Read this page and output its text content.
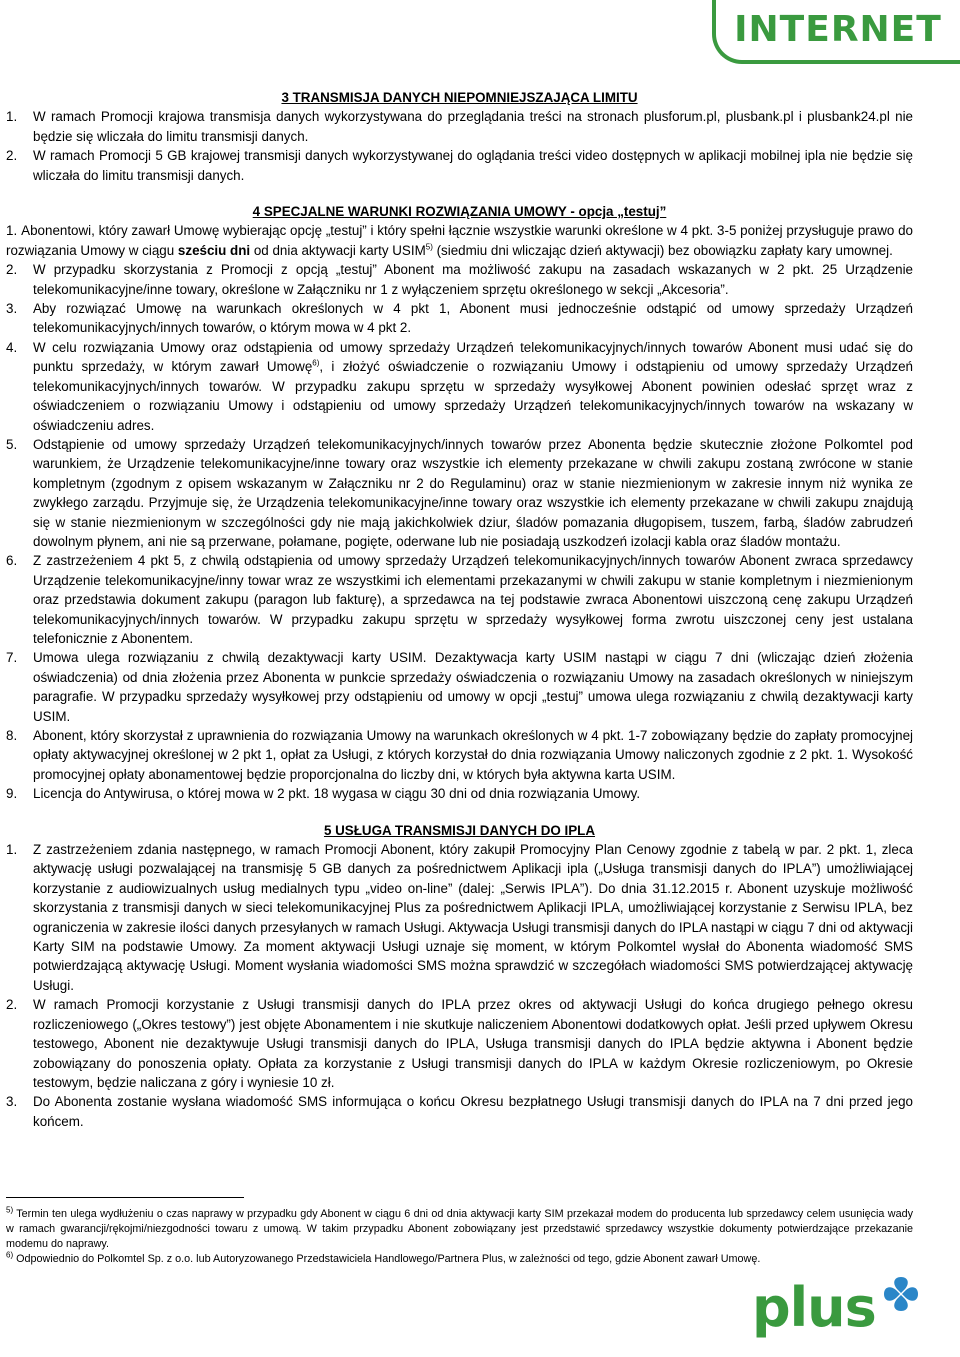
INTERNET

3 TRANSMISJA DANYCH NIEPOMNIEJSZAJĄCA LIMITU

1.	W ramach Promocji krajowa transmisja danych wykorzystywana do przeglądania treści na stronach plusforum.pl, plusbank.pl i plusbank24.pl nie będzie się wliczała do limitu transmisji danych.
2.	W ramach Promocji 5 GB krajowej transmisji danych wykorzystywanej do oglądania treści video dostępnych w aplikacji mobilnej ipla nie będzie się wliczała do limitu transmisji danych.

4 SPECJALNE WARUNKI ROZWIĄZANIA UMOWY - opcja „testuj”

1. Abonentowi, który zawarł Umowę wybierając opcję „testuj” i który spełni łącznie wszystkie warunki określone w 4 pkt. 3-5 poniżej przysługuje prawo do rozwiązania Umowy w ciągu sześciu dni od dnia aktywacji karty USIM$^{5)}$ (siedmiu dni wliczając dzień aktywacji) bez obowiązku zapłaty kary umownej.
2.	W przypadku skorzystania z Promocji z opcją „testuj” Abonent ma możliwość zakupu na zasadach wskazanych w 2 pkt. 25 Urządzenie telekomunikacyjne/inne towary, określone w Załączniku nr 1 z wyłączeniem sprzętu określonego w sekcji „Akcesoria”.
3.	Aby rozwiązać Umowę na warunkach określonych w 4 pkt 1, Abonent musi jednocześnie odstąpić od umowy sprzedaży Urządzeń telekomunikacyjnych/innych towarów, o którym mowa w 4 pkt 2.
4.	W celu rozwiązania Umowy oraz odstąpienia od umowy sprzedaży Urządzeń telekomunikacyjnych/innych towarów Abonent musi udać się do punktu sprzedaży, w którym zawarł Umowę$^{6)}$, i złożyć oświadczenie o rozwiązaniu Umowy i odstąpieniu od umowy sprzedaży Urządzeń telekomunikacyjnych/innych towarów. W przypadku zakupu sprzętu w sprzedaży wysyłkowej Abonent powinien odesłać sprzęt wraz z oświadczeniem o rozwiązaniu Umowy i odstąpieniu od umowy sprzedaży Urządzeń telekomunikacyjnych/innych towarów na wskazany w oświadczeniu adres.
5.	Odstąpienie od umowy sprzedaży Urządzeń telekomunikacyjnych/innych towarów przez Abonenta będzie skutecznie złożone Polkomtel pod warunkiem, że Urządzenie telekomunikacyjne/inne towary oraz wszystkie ich elementy przekazane w chwili zakupu zostaną zwrócone w stanie kompletnym (zgodnym z opisem wskazanym w Załączniku nr 2 do Regulaminu) oraz w stanie niezmienionym w zakresie innym niż wynika ze zwykłego zarządu. Przyjmuje się, że Urządzenia telekomunikacyjne/inne towary oraz wszystkie ich elementy przekazane w chwili zakupu znajdują się w stanie niezmienionym w szczególności gdy nie mają jakichkolwiek dziur, śladów pomazania długopisem, tuszem, farbą, śladów zabrudzeń dowolnym płynem, ani nie są przerwane, połamane, pogięte, oderwane lub nie posiadają uszkodzeń izolacji kabla oraz śladów montażu.
6.	Z zastrzeżeniem 4 pkt 5, z chwilą odstąpienia od umowy sprzedaży Urządzeń telekomunikacyjnych/innych towarów Abonent zwraca sprzedawcy Urządzenie telekomunikacyjne/inny towar wraz ze wszystkimi ich elementami przekazanymi w chwili zakupu w stanie kompletnym i niezmienionym oraz przedstawia dokument zakupu (paragon lub fakturę), a sprzedawca na tej podstawie zwraca Abonentowi uiszczoną cenę zakupu Urządzeń telekomunikacyjnych/innych towarów. W przypadku zakupu sprzętu w sprzedaży wysyłkowej forma zwrotu uiszczonej ceny jest ustalana telefonicznie z Abonentem.
7.	Umowa ulega rozwiązaniu z chwilą dezaktywacji karty USIM. Dezaktywacja karty USIM nastąpi w ciągu 7 dni (wliczając dzień złożenia oświadczenia) od dnia złożenia przez Abonenta w punkcie sprzedaży oświadczenia o rozwiązaniu Umowy na zasadach określonych w niniejszym paragrafie. W przypadku sprzedaży wysyłkowej przy odstąpieniu od umowy w opcji „testuj” umowa ulega rozwiązaniu z chwilą dezaktywacji karty USIM.
8.	Abonent, który skorzystał z uprawnienia do rozwiązania Umowy na warunkach określonych w 4 pkt. 1-7 zobowiązany będzie do zapłaty promocyjnej opłaty aktywacyjnej określonej w 2 pkt 1, opłat za Usługi, z których korzystał do dnia rozwiązania Umowy naliczonych zgodnie z 2 pkt. 1. Wysokość promocyjnej opłaty abonamentowej będzie proporcjonalna do liczby dni, w których była aktywna karta USIM.
9.	Licencja do Antywirusa, o której mowa w 2 pkt. 18 wygasa w ciągu 30 dni od dnia rozwiązania Umowy.

5 USŁUGA TRANSMISJI DANYCH DO IPLA

1.	Z zastrzeżeniem zdania następnego, w ramach Promocji Abonent, który zakupił Promocyjny Plan Cenowy zgodnie z tabelą w par. 2 pkt. 1, zleca aktywację usługi pozwalającej na transmisję 5 GB danych za pośrednictwem Aplikacji ipla („Usługa transmisji danych do IPLA”) umożliwiającej korzystanie z audiowizualnych usług medialnych typu „video on-line” (dalej: „Serwis IPLA”). Do dnia 31.12.2015 r. Abonent uzyskuje możliwość skorzystania z transmisji danych w sieci telekomunikacyjnej Plus za pośrednictwem Aplikacji IPLA, umożliwiającej korzystanie z Serwisu IPLA, bez ograniczenia w zakresie ilości danych przesyłanych w ramach Usługi. Aktywacja Usługi transmisji danych do IPLA nastąpi w ciągu 7 dni od aktywacji Karty SIM na podstawie Umowy. Za moment aktywacji Usługi uznaje się moment, w którym Polkomtel wysłał do Abonenta wiadomość SMS potwierdzającą aktywację Usługi. Moment wysłania wiadomości SMS można sprawdzić w szczegółach wiadomości SMS potwierdzającej aktywację Usługi.
2.	W ramach Promocji korzystanie z Usługi transmisji danych do IPLA przez okres od aktywacji Usługi do końca drugiego pełnego okresu rozliczeniowego („Okres testowy”) jest objęte Abonamentem i nie skutkuje naliczeniem Abonentowi dodatkowych opłat. Jeśli przed upływem Okresu testowego, Abonent nie dezaktywuje Usługi transmisji danych do IPLA, Usługa transmisji danych do IPLA będzie aktywna i Abonent będzie zobowiązany do ponoszenia opłaty. Opłata za korzystanie z Usługi transmisji danych do IPLA w każdym Okresie rozliczeniowym, po Okresie testowym, będzie naliczana z góry i wyniesie 10 zł.
3.	Do Abonenta zostanie wysłana wiadomość SMS informująca o końcu Okresu bezpłatnego Usługi transmisji danych do IPLA na 7 dni przed jego końcem.

$^{5)}$ Termin ten ulega wydłużeniu o czas naprawy w przypadku gdy Abonent w ciągu 6 dni od dnia aktywacji karty SIM przekazał modem do producenta lub sprzedawcy celem usunięcia wady w ramach gwarancji/rękojmi/niezgodności towaru z umową. W takim przypadku Abonent zobowiązany jest przedstawić sprzedawcy wszystkie dokumenty potwierdzające przekazanie modemu do naprawy.

$^{6)}$ Odpowiednio do Polkomtel Sp. z o.o. lub Autoryzowanego Przedstawiciela Handlowego/Partnera Plus, w zależności od tego, gdzie Abonent zawarł Umowę.

plus
